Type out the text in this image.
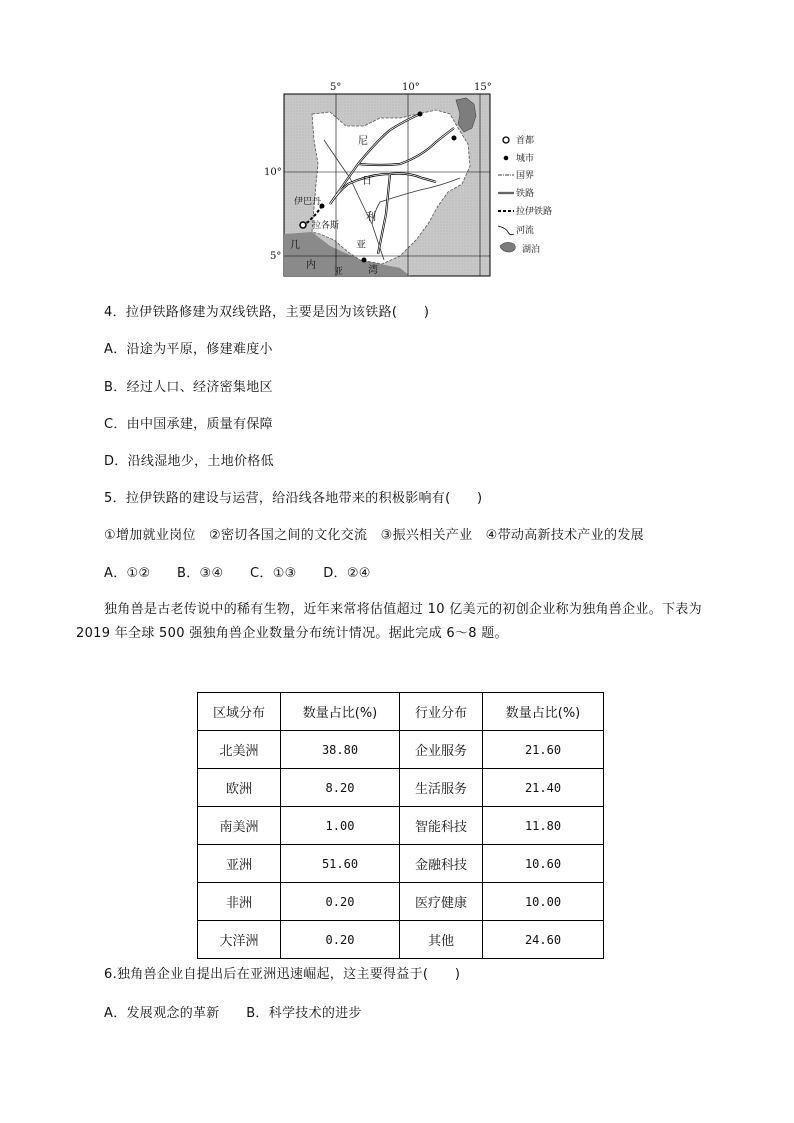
5°	10°	15°
10°
5°
尼
日
利
亚
几
内
亚 湾
伊巴丹
拉各斯
首都
城市
国界
铁路
拉伊铁路
河流
湖泊
4．拉伊铁路修建为双线铁路，主要是因为该铁路(　　)
A．沿途为平原，修建难度小
B．经过人口、经济密集地区
C．由中国承建，质量有保障
D．沿线湿地少，土地价格低
5．拉伊铁路的建设与运营，给沿线各地带来的积极影响有(　　)
①增加就业岗位　②密切各国之间的文化交流　③振兴相关产业　④带动高新技术产业的发展
A．①②　　B．③④　　C．①③　　D．②④
独角兽是古老传说中的稀有生物，近年来常将估值超过 10 亿美元的初创企业称为独角兽企业。下表为
2019 年全球 500 强独角兽企业数量分布统计情况。据此完成 6～8 题。
区域分布	数量占比(%)	行业分布	数量占比(%)
北美洲	38.80	企业服务	21.60
欧洲	8.20	生活服务	21.40
南美洲	1.00	智能科技	11.80
亚洲	51.60	金融科技	10.60
非洲	0.20	医疗健康	10.00
大洋洲	0.20	其他	24.60
6.独角兽企业自提出后在亚洲迅速崛起，这主要得益于(　　)
A．发展观念的革新　　B．科学技术的进步
